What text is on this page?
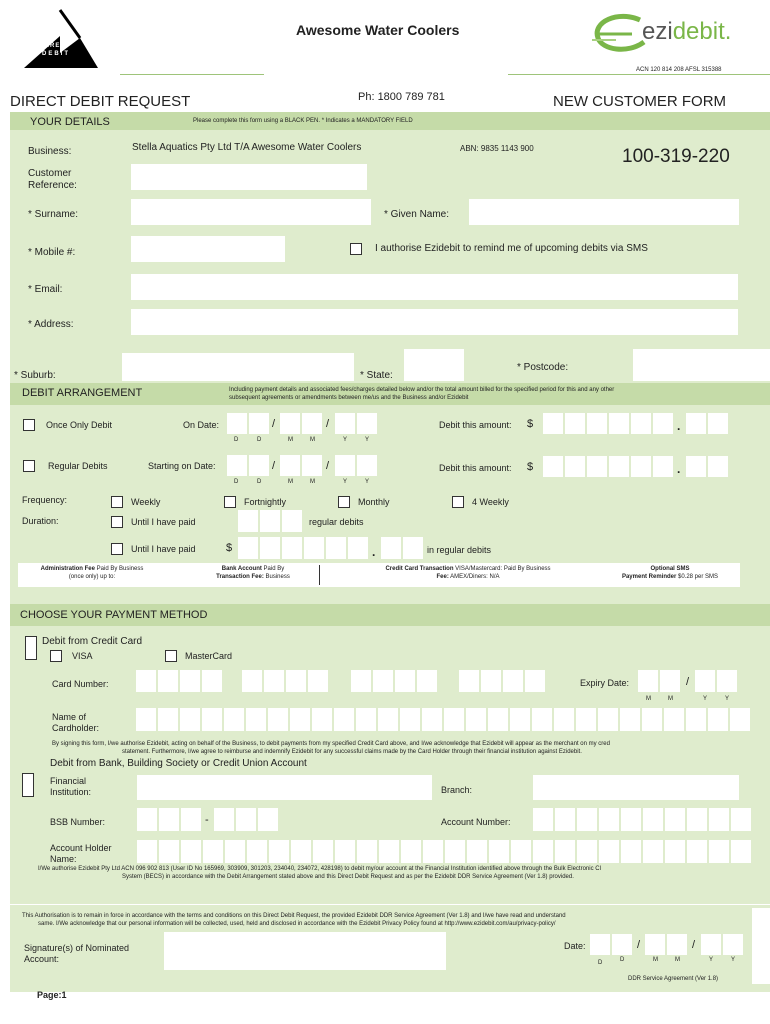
DIRECT
DEBIT
Awesome Water Coolers	ezidebit.
ACN 120 814 208 AFSL 315388
DIRECT DEBIT REQUEST	Ph: 1800 789 781	NEW CUSTOMER FORM
YOUR DETAILS	Please complete this form using a BLACK PEN. * Indicates a MANDATORY FIELD
Business:	Stella Aquatics Pty Ltd T/A Awesome Water Coolers	ABN: 9835 1143 900	100-319-220
Customer Reference:
* Surname:	* Given Name:
* Mobile #:	I authorise Ezidebit to remind me of upcoming debits via SMS
* Email:
* Address:
* Suburb:	* State:
* Postcode:
DEBIT ARRANGEMENT	Including payment details and associated fees/charges detailed below and/or the total amount billed for the specified period for this and any other
subsequent agreements or amendments between me/us and the Business and/or Ezidebit
Once Only Debit	On Date:	/	/
D	D	M	M	Y	Y
Debit this amount: $	.
Regular Debits	Starting on Date:	/	/
D	D	M	M	Y	Y
Debit this amount: $	.
Frequency:	Weekly	Fortnightly	Monthly	4 Weekly
Duration:	Until I have paid	regular debits
Until I have paid	$	.	in regular debits
Administration Fee Paid By Business
(once only) up to:
Bank Account Paid By
Transaction Fee: Business
Credit Card Transaction VISA/Mastercard: Paid By Business
Fee: AMEX/Diners: N/A
Optional SMS
Payment Reminder $0.28 per SMS
CHOOSE YOUR PAYMENT METHOD
Debit from Credit Card
VISA	MasterCard
Card Number:	Expiry Date:	/
M	M	Y	Y
Name of Cardholder:
By signing this form, I/we authorise Ezidebit, acting on behalf of the Business, to debit payments from my specified Credit Card above, and I/we acknowledge that Ezidebit will appear as the merchant on my cred
statement. Furthermore, I/we agree to reimburse and indemnify Ezidebit for any successful claims made by the Card Holder through their financial institution against Ezidebit.
Debit from Bank, Building Society or Credit Union Account
Financial Institution:	Branch:
BSB Number:	-	Account Number:
Account Holder Name:
I/We authorise Ezidebit Pty Ltd ACN 096 902 813 (User ID No 165969, 303909, 301203, 234040, 234072, 428198) to debit my/our account at the Financial Institution identified above through the Bulk Electronic Cl
System (BECS) in accordance with the Debit Arrangement stated above and this Direct Debit Request and as per the Ezidebit DDR Service Agreement (Ver 1.8) provided.
This Authorisation is to remain in force in accordance with the terms and conditions on this Direct Debit Request, the provided Ezidebit DDR Service Agreement (Ver 1.8) and I/we have read and understand
same. I/We acknowledge that our personal information will be collected, used, held and disclosed in accordance with the Ezidebit Privacy Policy found at http://www.ezidebit.com/au/privacy-policy/
Signature(s) of Nominated Account:
Date:	/	/
D	D	M	M	Y	Y
DDR Service Agreement (Ver 1.8)
Page:1
